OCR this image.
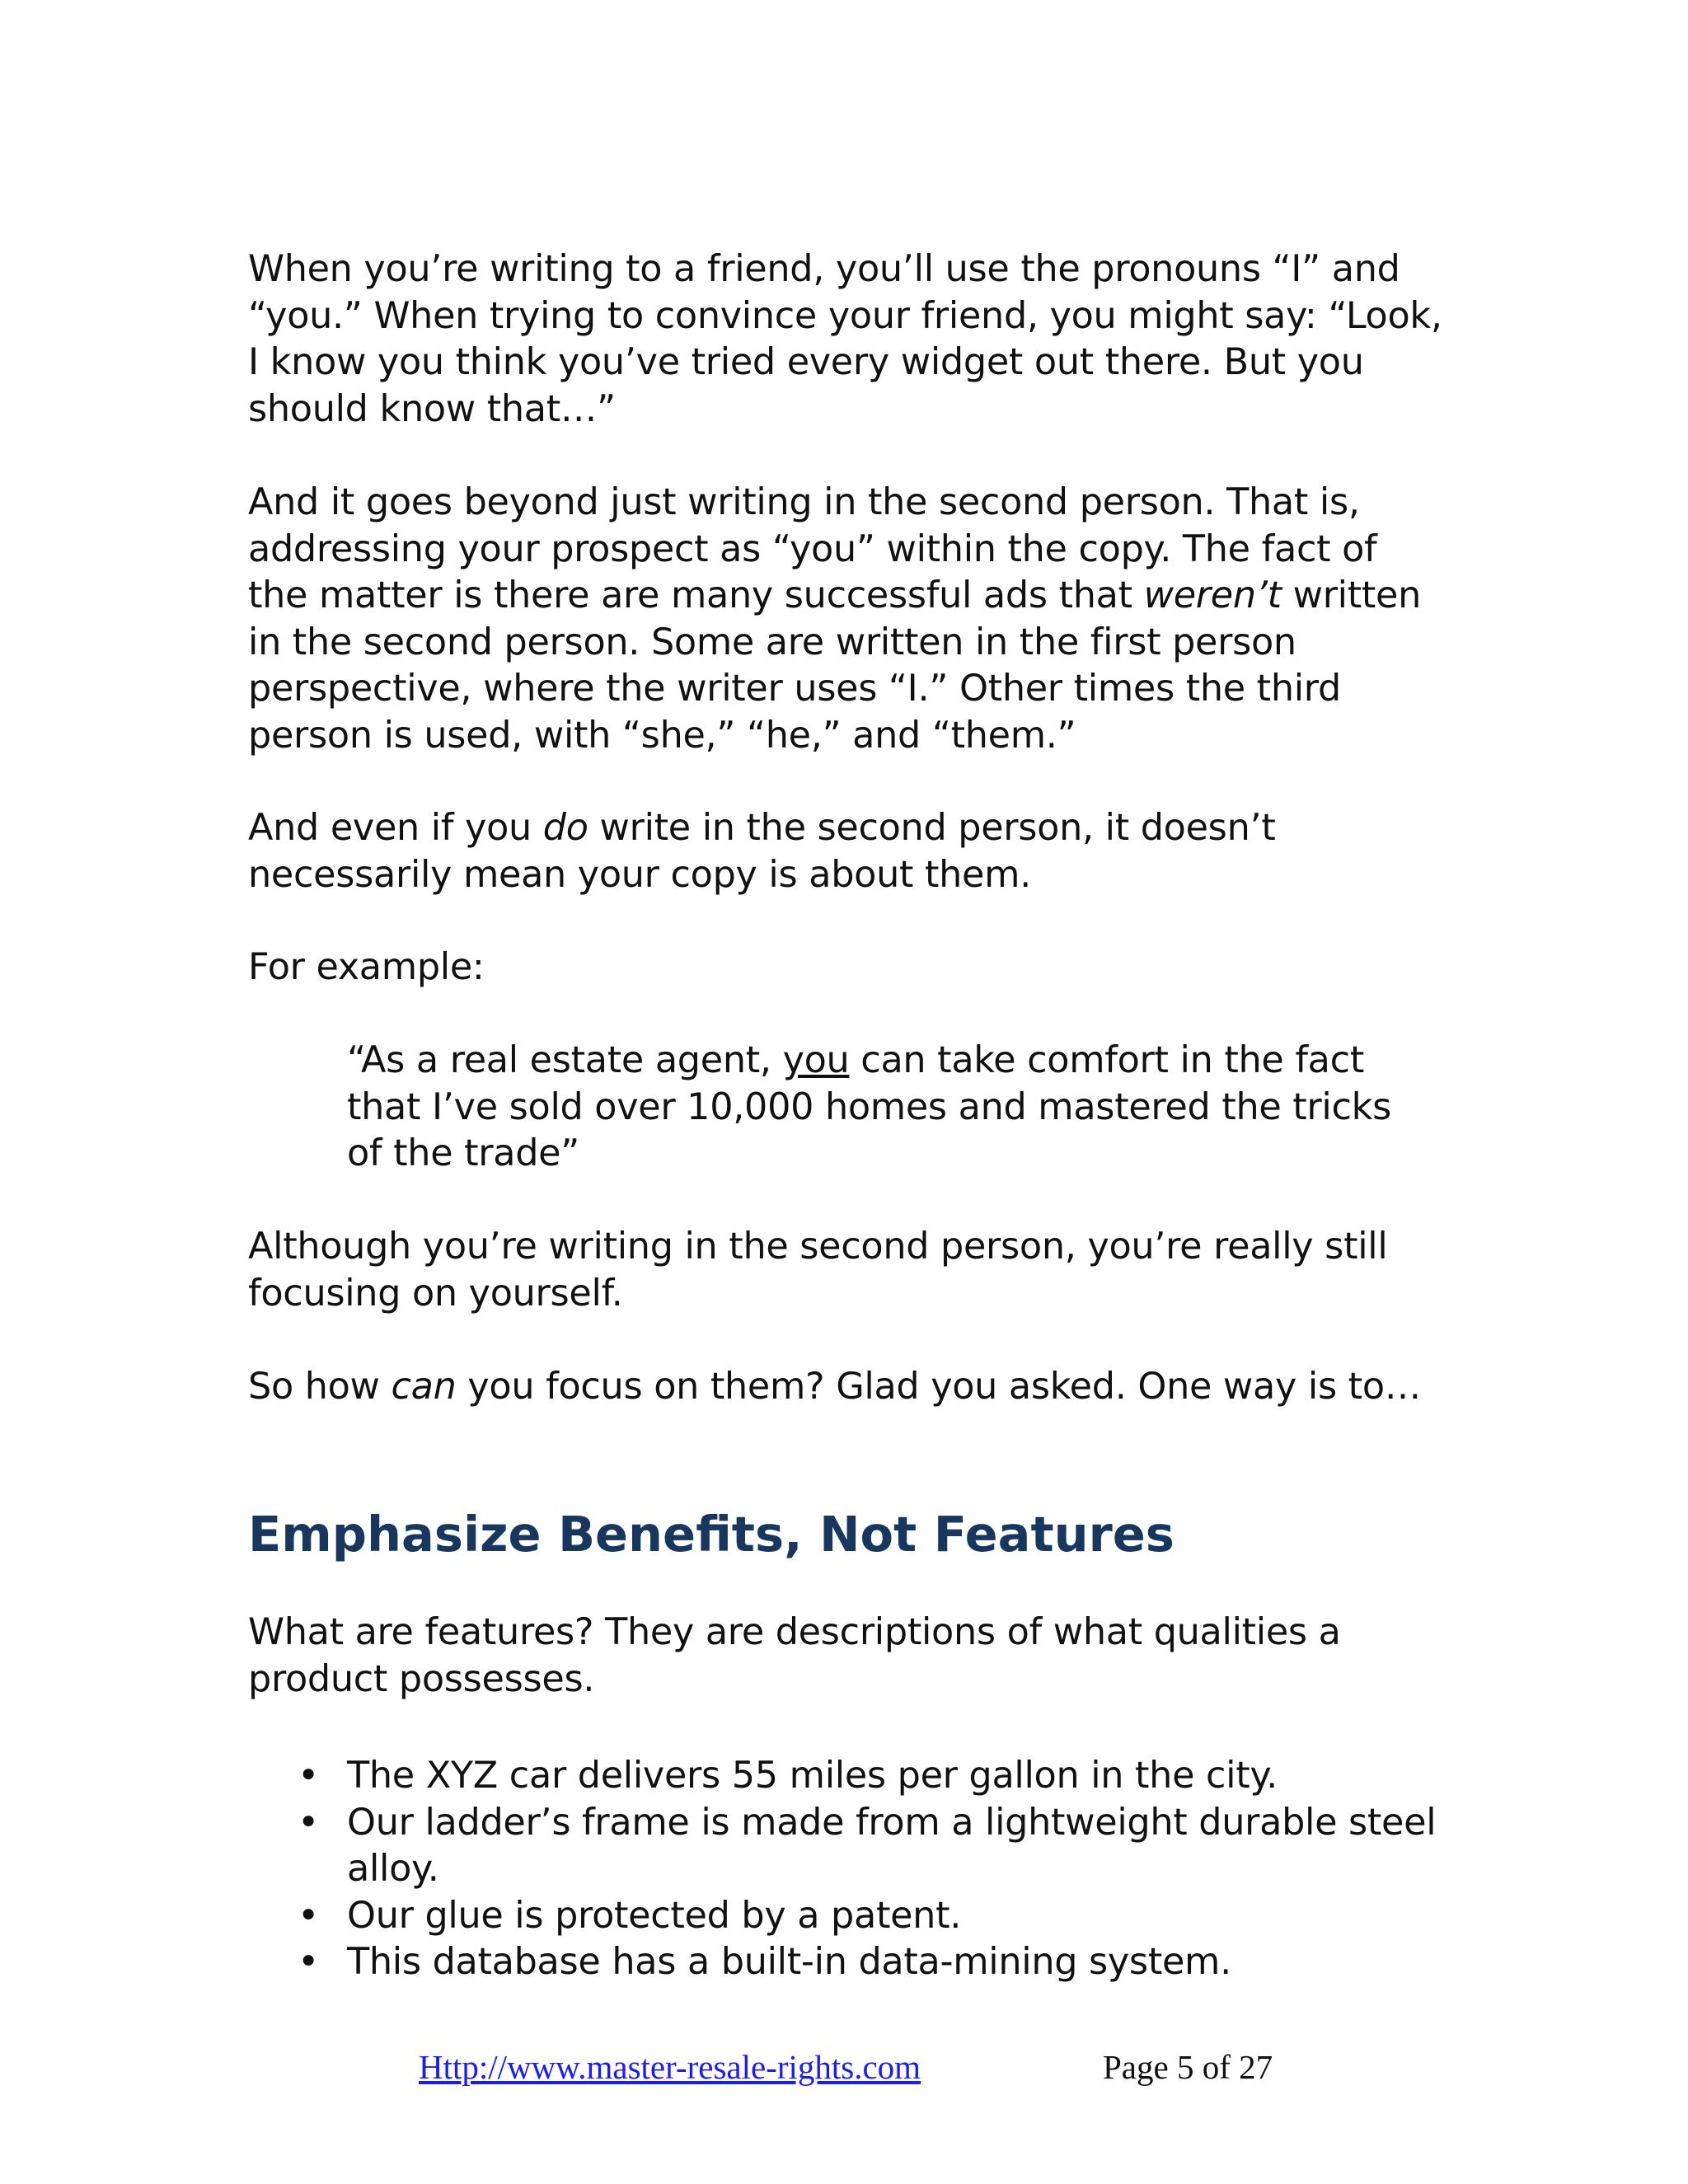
When you’re writing to a friend, you’ll use the pronouns “I” and “you.” When trying to convince your friend, you might say: “Look, I know you think you’ve tried every widget out there. But you should know that…”

And it goes beyond just writing in the second person. That is, addressing your prospect as “you” within the copy. The fact of the matter is there are many successful ads that weren’t written in the second person. Some are written in the first person perspective, where the writer uses “I.” Other times the third person is used, with “she,” “he,” and “them.”

And even if you do write in the second person, it doesn’t necessarily mean your copy is about them.

For example:

“As a real estate agent, you can take comfort in the fact that I’ve sold over 10,000 homes and mastered the tricks of the trade”

Although you’re writing in the second person, you’re really still focusing on yourself.

So how can you focus on them? Glad you asked. One way is to…

Emphasize Benefits, Not Features

What are features? They are descriptions of what qualities a product possesses.

• The XYZ car delivers 55 miles per gallon in the city.
• Our ladder’s frame is made from a lightweight durable steel alloy.
• Our glue is protected by a patent.
• This database has a built-in data-mining system.
Http://www.master-resale-rights.com	Page 5 of 27
